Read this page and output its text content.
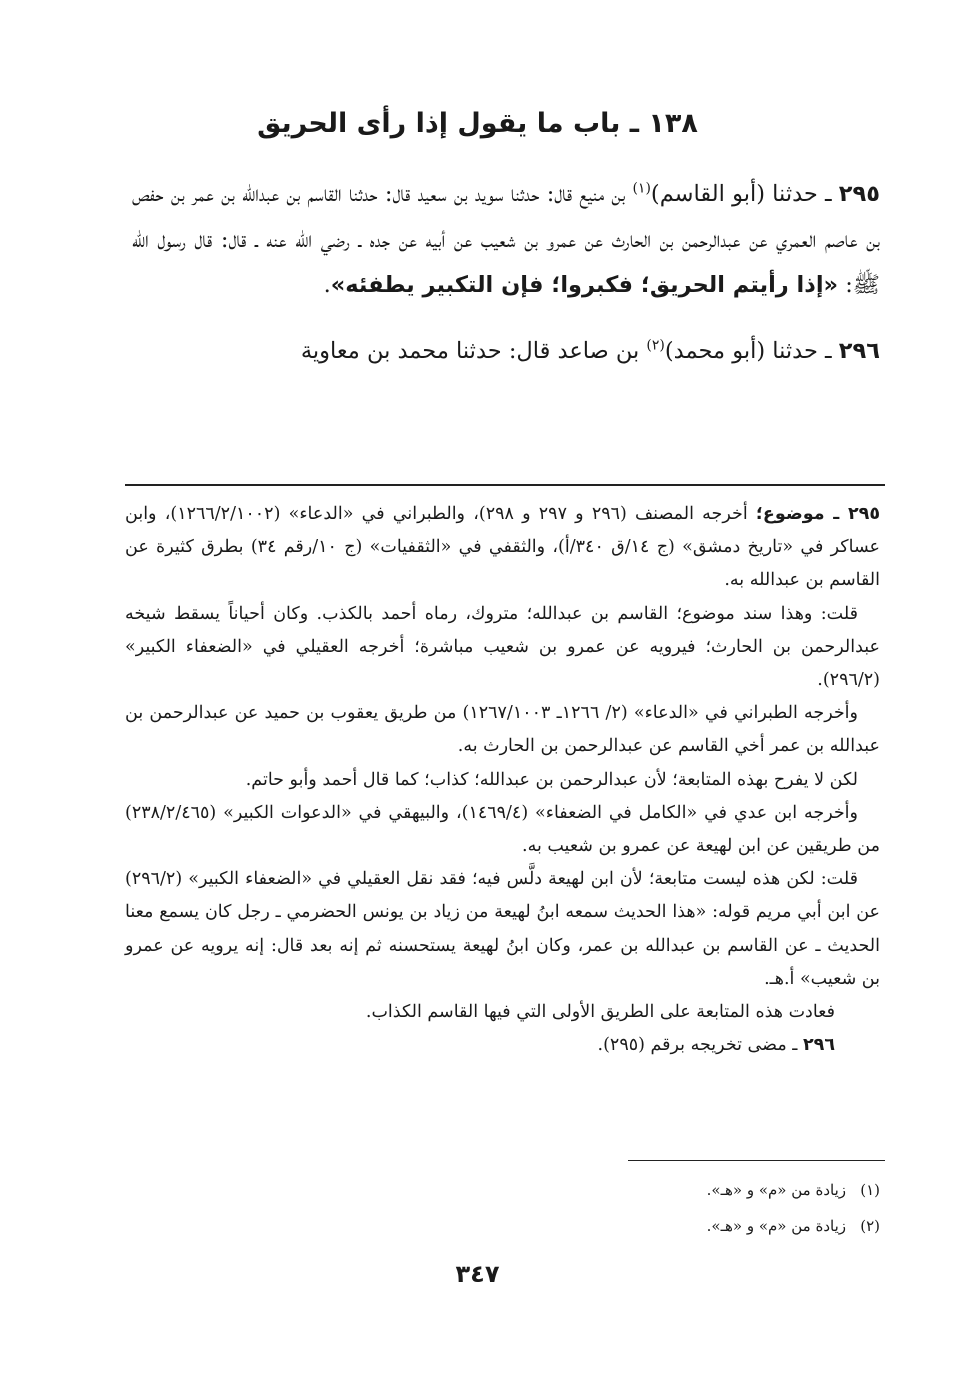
١٣٨ ـ باب ما يقول إذا رأى الحريق

٢٩٥ ـ حدثنا (أبو القاسم)$^{(١)}$ بن منيع قال: حدثنا سويد بن سعيد قال: حدثنا القاسم بن عبدالله بن عمر بن حفص بن عاصم العمري عن عبدالرحمن بن الحارث عن عمرو بن شعيب عن أبيه عن جده ـ رضي الله عنه ـ قال: قال رسول الله ﷺ: «إذا رأيتم الحريق؛ فكبروا؛ فإن التكبير يطفئه».

٢٩٦ ـ حدثنا (أبو محمد)$^{(٢)}$ بن صاعد قال: حدثنا محمد بن معاوية

٢٩٥ ـ موضوع؛ أخرجه المصنف (٢٩٦ و ٢٩٧ و ٢٩٨)، والطبراني في «الدعاء» (١٢٦٦/٢/١٠٠٢)، وابن عساكر في «تاريخ دمشق» (ج ١٤/ق ٣٤٠/أ)، والثقفي في «الثقفيات» (ج ١٠/رقم ٣٤) بطرق كثيرة عن القاسم بن عبدالله به.

قلت: وهذا سند موضوع؛ القاسم بن عبدالله؛ متروك، رماه أحمد بالكذب. وكان أحياناً يسقط شيخه عبدالرحمن بن الحارث؛ فيرويه عن عمرو بن شعيب مباشرة؛ أخرجه العقيلي في «الضعفاء الكبير» (٢٩٦/٢).

وأخرجه الطبراني في «الدعاء» (٢/ ١٢٦٦ـ ١٢٦٧/١٠٠٣) من طريق يعقوب بن حميد عن عبدالرحمن بن عبدالله بن عمر أخي القاسم عن عبدالرحمن بن الحارث به.

لكن لا يفرح بهذه المتابعة؛ لأن عبدالرحمن بن عبدالله؛ كذاب؛ كما قال أحمد وأبو حاتم.

وأخرجه ابن عدي في «الكامل في الضعفاء» (١٤٦٩/٤)، والبيهقي في «الدعوات الكبير» (٢٣٨/٢/٤٦٥) من طريقين عن ابن لهيعة عن عمرو بن شعيب به.

قلت: لكن هذه ليست متابعة؛ لأن ابن لهيعة دلَّس فيه؛ فقد نقل العقيلي في «الضعفاء الكبير» (٢٩٦/٢) عن ابن أبي مريم قوله: «هذا الحديث سمعه ابنُ لهيعة من زياد بن يونس الحضرمي ـ رجل كان يسمع معنا الحديث ـ عن القاسم بن عبدالله بن عمر، وكان ابنُ لهيعة يستحسنه ثم إنه بعد قال: إنه يرويه عن عمرو بن شعيب» أ.هـ.

فعادت هذه المتابعة على الطريق الأولى التي فيها القاسم الكذاب.

٢٩٦ ـ مضى تخريجه برقم (٢٩٥).

(١)زيادة من «م» و «هـ».

(٢)زيادة من «م» و «هـ».

٣٤٧
